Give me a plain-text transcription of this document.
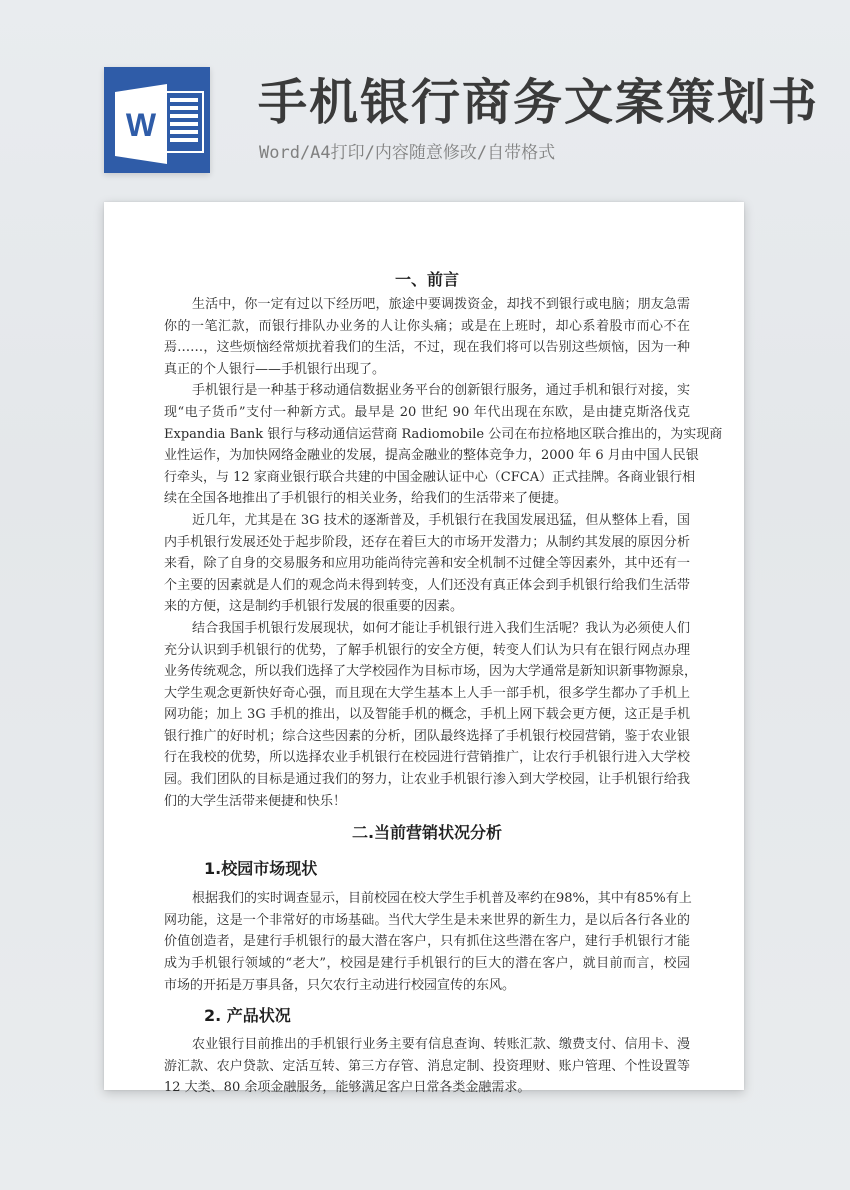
W 手机银行商务文案策划书
Word/A4打印/内容随意修改/自带格式
一、前言
生活中，你一定有过以下经历吧，旅途中要调拨资金，却找不到银行或电脑；朋友急需
你的一笔汇款，而银行排队办业务的人让你头痛；或是在上班时，却心系着股市而心不在
焉……，这些烦恼经常烦扰着我们的生活，不过，现在我们将可以告别这些烦恼，因为一种
真正的个人银行——手机银行出现了。
手机银行是一种基于移动通信数据业务平台的创新银行服务，通过手机和银行对接，实
现“电子货币”支付一种新方式。最早是 20 世纪 90 年代出现在东欧，是由捷克斯洛伐克
Expandia Bank 银行与移动通信运营商 Radiomobile 公司在布拉格地区联合推出的，为实现商
业性运作，为加快网络金融业的发展，提高金融业的整体竞争力，2000 年 6 月由中国人民银
行牵头，与 12 家商业银行联合共建的中国金融认证中心（CFCA）正式挂牌。各商业银行相
续在全国各地推出了手机银行的相关业务，给我们的生活带来了便捷。
近几年，尤其是在 3G 技术的逐渐普及，手机银行在我国发展迅猛，但从整体上看，国
内手机银行发展还处于起步阶段，还存在着巨大的市场开发潜力；从制约其发展的原因分析
来看，除了自身的交易服务和应用功能尚待完善和安全机制不过健全等因素外，其中还有一
个主要的因素就是人们的观念尚未得到转变，人们还没有真正体会到手机银行给我们生活带
来的方便，这是制约手机银行发展的很重要的因素。
结合我国手机银行发展现状，如何才能让手机银行进入我们生活呢？我认为必须使人们
充分认识到手机银行的优势，了解手机银行的安全方便，转变人们认为只有在银行网点办理
业务传统观念，所以我们选择了大学校园作为目标市场，因为大学通常是新知识新事物源泉，
大学生观念更新快好奇心强，而且现在大学生基本上人手一部手机，很多学生都办了手机上
网功能；加上 3G 手机的推出，以及智能手机的概念，手机上网下载会更方便，这正是手机
银行推广的好时机；综合这些因素的分析，团队最终选择了手机银行校园营销，鉴于农业银
行在我校的优势，所以选择农业手机银行在校园进行营销推广，让农行手机银行进入大学校
园。我们团队的目标是通过我们的努力，让农业手机银行渗入到大学校园，让手机银行给我
们的大学生活带来便捷和快乐！
二.当前营销状况分析
1.校园市场现状
根据我们的实时调查显示，目前校园在校大学生手机普及率约在98%，其中有85%有上
网功能，这是一个非常好的市场基础。当代大学生是未来世界的新生力，是以后各行各业的
价值创造者，是建行手机银行的最大潜在客户，只有抓住这些潜在客户，建行手机银行才能
成为手机银行领域的“老大”，校园是建行手机银行的巨大的潜在客户，就目前而言，校园
市场的开拓是万事具备，只欠农行主动进行校园宣传的东风。
2. 产品状况
农业银行目前推出的手机银行业务主要有信息查询、转账汇款、缴费支付、信用卡、漫
游汇款、农户贷款、定活互转、第三方存管、消息定制、投资理财、账户管理、个性设置等
12 大类、80 余项金融服务，能够满足客户日常各类金融需求。
